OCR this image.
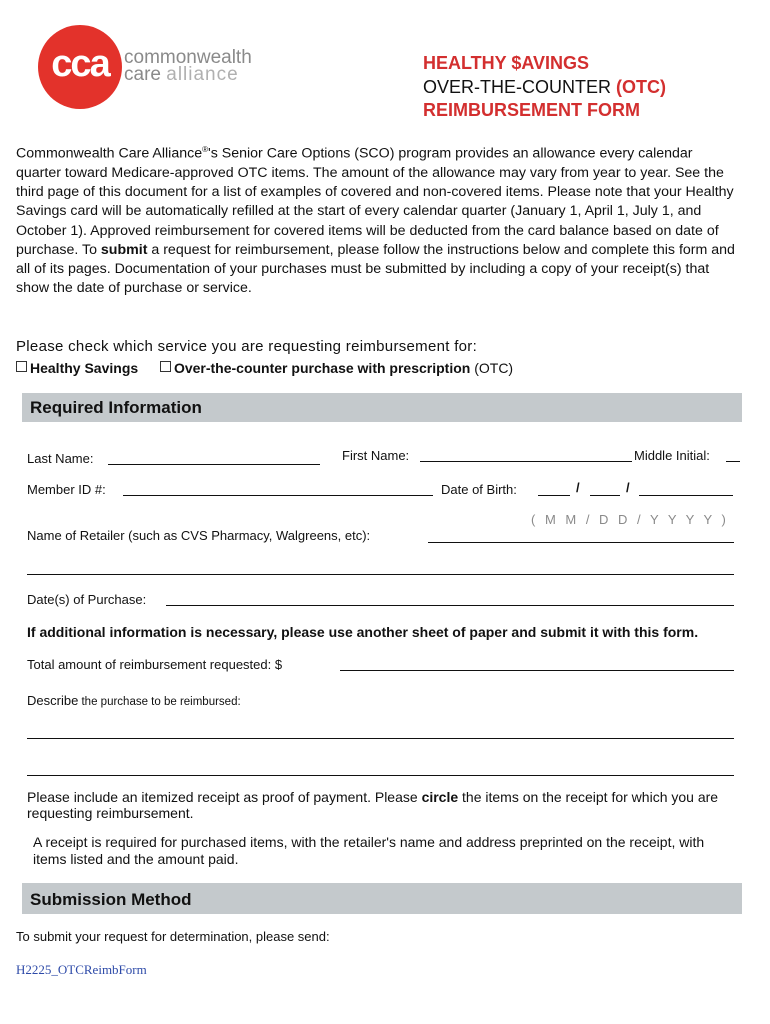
cca commonwealth
care alliance
HEALTHY $AVINGS
OVER-THE-COUNTER (OTC)
REIMBURSEMENT FORM
Commonwealth Care Alliance®'s Senior Care Options (SCO) program provides an allowance every calendar quarter toward Medicare-approved OTC items. The amount of the allowance may vary from year to year. See the third page of this document for a list of examples of covered and non-covered items. Please note that your Healthy Savings card will be automatically refilled at the start of every calendar quarter (January 1, April 1, July 1, and October 1). Approved reimbursement for covered items will be deducted from the card balance based on date of purchase. To submit a request for reimbursement, please follow the instructions below and complete this form and all of its pages. Documentation of your purchases must be submitted by including a copy of your receipt(s) that show the date of purchase or service.
Please check which service you are requesting reimbursement for:
Healthy Savings	Over-the-counter purchase with prescription (OTC)
Required Information
Last Name:	First Name:	Middle Initial:
Member ID #:	Date of Birth:	/	/
( M M / D D / Y Y Y Y )
Name of Retailer (such as CVS Pharmacy, Walgreens, etc):
Date(s) of Purchase:
If additional information is necessary, please use another sheet of paper and submit it with this form.
Total amount of reimbursement requested: $
Describe the purchase to be reimbursed:
Please include an itemized receipt as proof of payment. Please circle the items on the receipt for which you are requesting reimbursement.
A receipt is required for purchased items, with the retailer's name and address preprinted on the receipt, with items listed and the amount paid.
Submission Method
To submit your request for determination, please send:
H2225_OTCReimbForm
